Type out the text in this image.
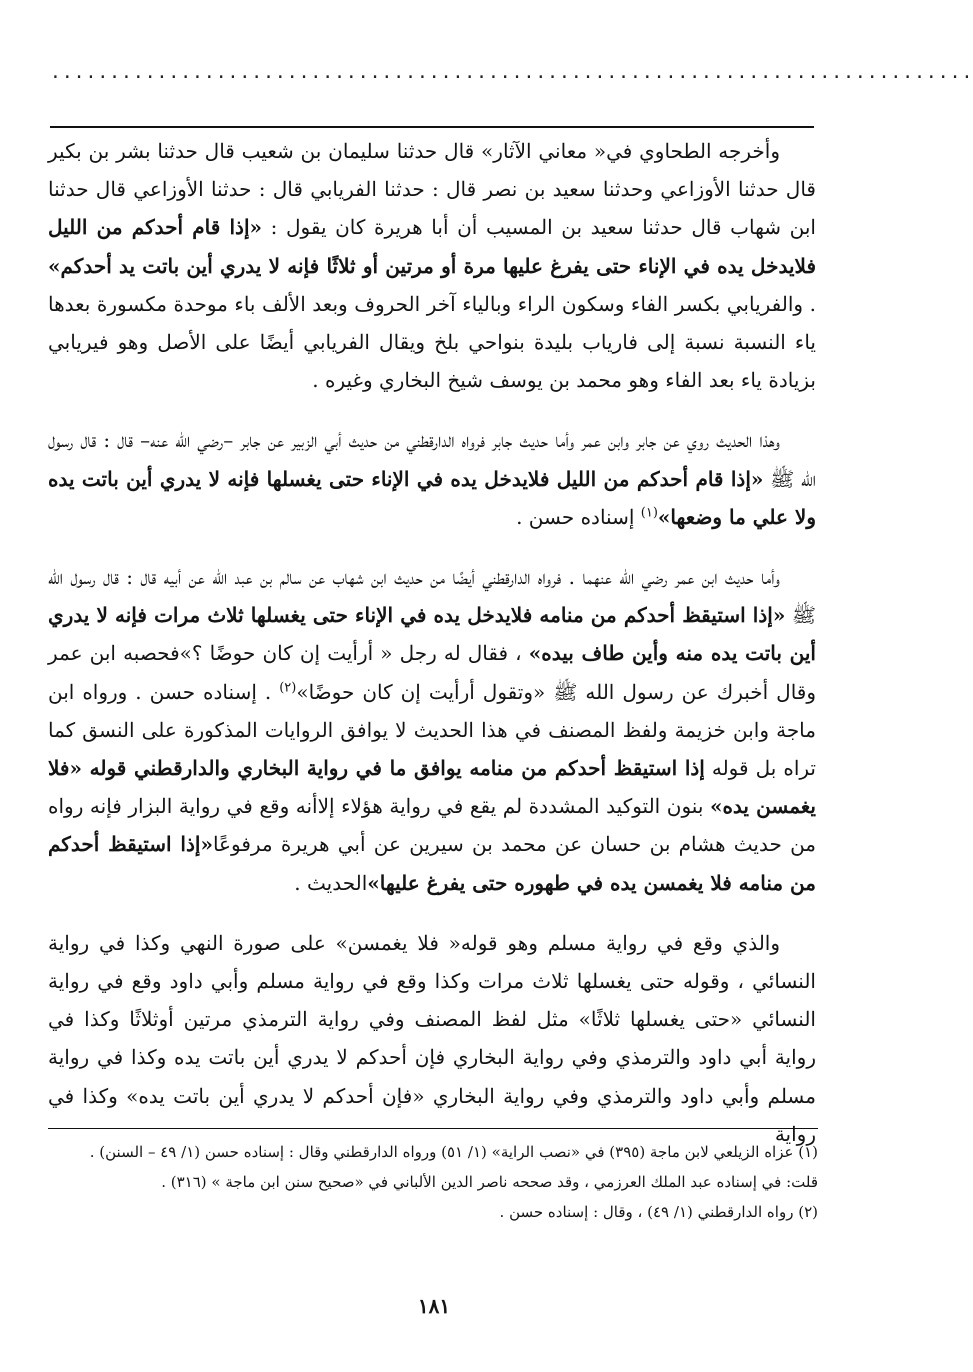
..............................................................................

وأخرجه الطحاوي في« معاني الآثار» قال حدثنا سليمان بن شعيب قال حدثنا بشر بن بكير قال حدثنا الأوزاعي وحدثنا سعيد بن نصر قال : حدثنا الفريابي قال : حدثنا الأوزاعي قال حدثنا ابن شهاب قال حدثنا سعيد بن المسيب أن أبا هريرة كان يقول : «إذا قام أحدكم من الليل فلايدخل يده في الإناء حتى يفرغ عليها مرة أو مرتين أو ثلاثًا فإنه لا يدري أين باتت يد أحدكم» . والفريابي بكسر الفاء وسكون الراء وبالياء آخر الحروف وبعد الألف باء موحدة مكسورة بعدها ياء النسبة نسبة إلى فارياب بليدة بنواحي بلخ ويقال الفريابي أيضًا على الأصل وهو فيريابي بزيادة ياء بعد الفاء وهو محمد بن يوسف شيخ البخاري وغيره .

وهذا الحديث روي عن جابر وابن عمر وأما حديث جابر فرواه الدارقطني من حديث أبي الزبير عن جابر –رضي الله عنه– قال : قال رسول الله ﷺ «إذا قام أحدكم من الليل فلايدخل يده في الإناء حتى يغسلها فإنه لا يدري أين باتت يده ولا علي ما وضعها»$^{(١)}$ إسناده حسن .

وأما حديث ابن عمر رضي الله عنهما . فرواه الدارقطني أيضًا من حديث ابن شهاب عن سالم بن عبد الله عن أبيه قال : قال رسول الله ﷺ «إذا استيقظ أحدكم من منامه فلايدخل يده في الإناء حتى يغسلها ثلاث مرات فإنه لا يدري أين باتت يده منه وأين طاف بيده» ، فقال له رجل « أرأيت إن كان حوضًا ؟»فحصبه ابن عمر وقال أخبرك عن رسول الله ﷺ «وتقول أرأيت إن كان حوضًا»$^{(٢)}$ . إسناده حسن . ورواه ابن ماجة وابن خزيمة ولفظ المصنف في هذا الحديث لا يوافق الروايات المذكورة على النسق كما تراه بل قوله إذا استيقظ أحدكم من منامه يوافق ما في رواية البخاري والدارقطني قوله «فلا يغمسن يده» بنون التوكيد المشددة لم يقع في رواية هؤلاء إلاأنه وقع في رواية البزار فإنه رواه من حديث هشام بن حسان عن محمد بن سيرين عن أبي هريرة مرفوعًا«إذا استيقظ أحدكم من منامه فلا يغمسن يده في طهوره حتى يفرغ عليها»الحديث .

والذي وقع في رواية مسلم وهو قوله« فلا يغمسن» على صورة النهي وكذا في رواية النسائي ، وقوله حتى يغسلها ثلاث مرات وكذا وقع في رواية مسلم وأبي داود وقع في رواية النسائي «حتى يغسلها ثلاثًا» مثل لفظ المصنف وفي رواية الترمذي مرتين أوثلاثًا وكذا في رواية أبي داود والترمذي وفي رواية البخاري فإن أحدكم لا يدري أين باتت يده وكذا في رواية مسلم وأبي داود والترمذي وفي رواية البخاري «فإن أحدكم لا يدري أين باتت يده» وكذا في رواية

(١) عزاه الزيلعي لابن ماجة (٣٩٥) في «نصب الراية» (١/ ٥١) ورواه الدارقطني وقال : إسناده حسن (١/ ٤٩ – السنن) .

قلت: في إسناده عبد الملك العرزمي ، وقد صححه ناصر الدين الألباني في «صحيح سنن ابن ماجة » (٣١٦) .

(٢) رواه الدارقطني (١/ ٤٩) ، وقال : إسناده حسن .

١٨١
